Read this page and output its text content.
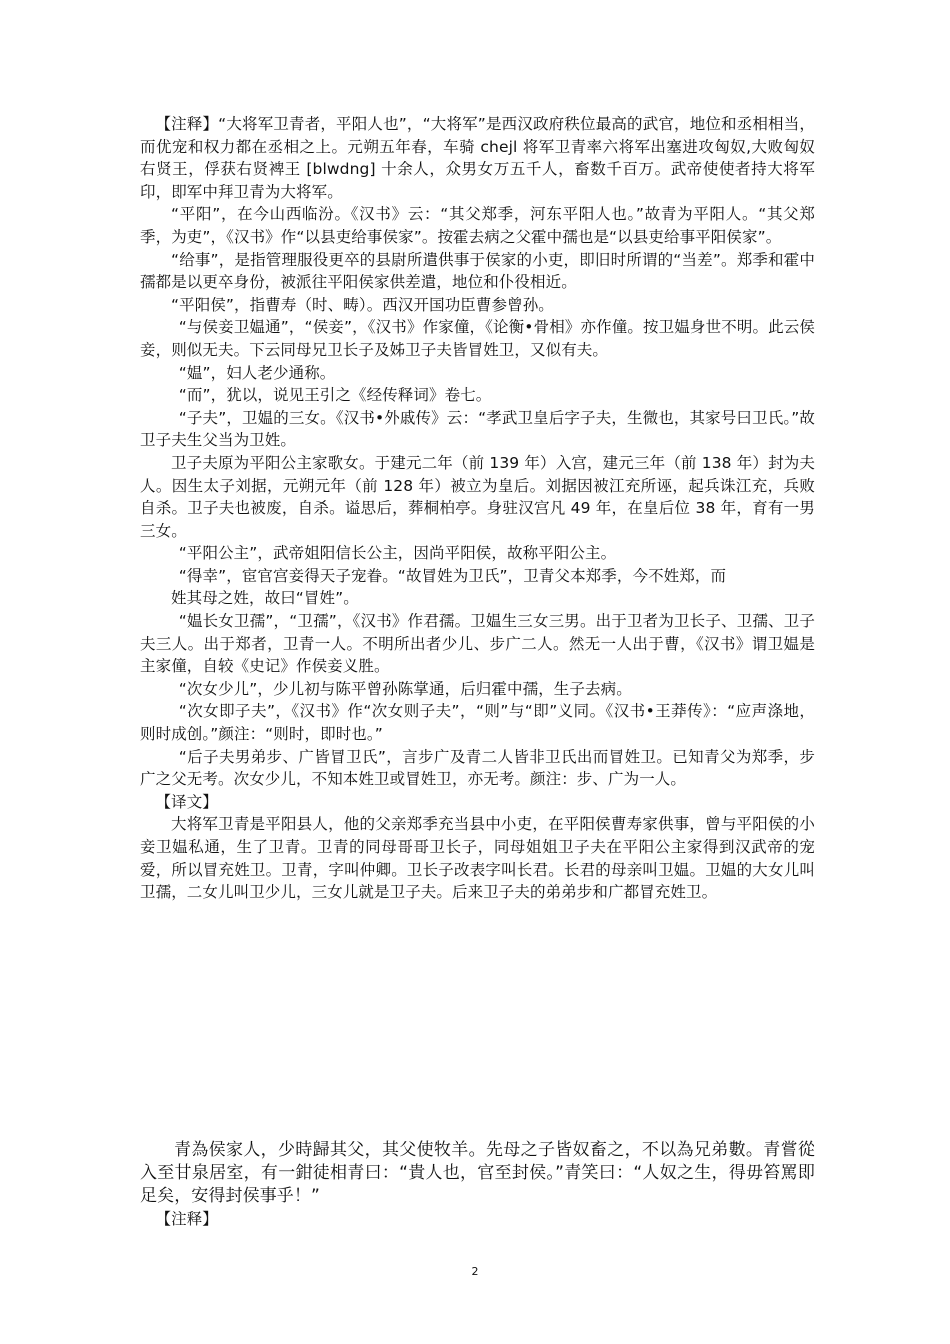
【注释】“大将军卫青者，平阳人也”，“大将军”是西汉政府秩位最高的武官，地位和丞相相当，而优宠和权力都在丞相之上。元朔五年春，车骑 chejl 将军卫青率六将军出塞进攻匈奴,大败匈奴右贤王，俘获右贤裨王 [blwdng] 十余人，众男女万五千人，畜数千百万。武帝使使者持大将军印，即军中拜卫青为大将军。

“平阳”，在今山西临汾。《汉书》云：“其父郑季，河东平阳人也。”故青为平阳人。“其父郑季，为吏”，《汉书》作“以县吏给事侯家”。按霍去病之父霍中孺也是“以县吏给事平阳侯家”。

“给事”，是指管理服役更卒的县尉所遣供事于侯家的小吏，即旧时所谓的“当差”。郑季和霍中孺都是以更卒身份，被派往平阳侯家供差遣，地位和仆役相近。

“平阳侯”，指曹寿（时、畴）。西汉开国功臣曹参曾孙。

“与侯妾卫媪通”，“侯妾”，《汉书》作家僮，《论衡•骨相》亦作僮。按卫媪身世不明。此云侯妾，则似无夫。下云同母兄卫长子及姊卫子夫皆冒姓卫，又似有夫。

“媪”，妇人老少通称。

“而”，犹以，说见王引之《经传释词》卷七。

“子夫”，卫媪的三女。《汉书•外戚传》云：“孝武卫皇后字子夫，生微也，其家号曰卫氏。”故卫子夫生父当为卫姓。

卫子夫原为平阳公主家歌女。于建元二年（前 139 年）入宫，建元三年（前 138 年）封为夫人。因生太子刘据，元朔元年（前 128 年）被立为皇后。刘据因被江充所诬，起兵诛江充，兵败自杀。卫子夫也被废，自杀。谥思后，葬桐柏亭。身驻汉宫凡 49 年，在皇后位 38 年，育有一男三女。

“平阳公主”，武帝姐阳信长公主，因尚平阳侯，故称平阳公主。

“得幸”，宦官宫妾得天子宠眷。“故冒姓为卫氏”，卫青父本郑季，今不姓郑，而

姓其母之姓，故曰“冒姓”。

“媪长女卫孺”，“卫孺”，《汉书》作君孺。卫媪生三女三男。出于卫者为卫长子、卫孺、卫子夫三人。出于郑者，卫青一人。不明所出者少儿、步广二人。然无一人出于曹，《汉书》谓卫媪是主家僮，自较《史记》作侯妾义胜。

“次女少儿”，少儿初与陈平曾孙陈掌通，后归霍中孺，生子去病。

“次女即子夫”，《汉书》作“次女则子夫”，“则”与“即”义同。《汉书•王莽传》：“应声涤地，则时成创。”颜注：“则时，即时也。”

“后子夫男弟步、广皆冒卫氏”，言步广及青二人皆非卫氏出而冒姓卫。已知青父为郑季，步广之父无考。次女少儿，不知本姓卫或冒姓卫，亦无考。颜注：步、广为一人。

【译文】

大将军卫青是平阳县人，他的父亲郑季充当县中小吏，在平阳侯曹寿家供事，曾与平阳侯的小妾卫媪私通，生了卫青。卫青的同母哥哥卫长子，同母姐姐卫子夫在平阳公主家得到汉武帝的宠爱，所以冒充姓卫。卫青，字叫仲卿。卫长子改表字叫长君。长君的母亲叫卫媪。卫媪的大女儿叫卫孺，二女儿叫卫少儿，三女儿就是卫子夫。后来卫子夫的弟弟步和广都冒充姓卫。

青為侯家人，少時歸其父，其父使牧羊。先母之子皆奴畜之，不以為兄弟數。青嘗從入至甘泉居室，有一鉗徒相青曰：“貴人也，官至封侯。”青笑曰：“人奴之生，得毋笞罵即足矣，安得封侯事乎！”

【注释】

2
